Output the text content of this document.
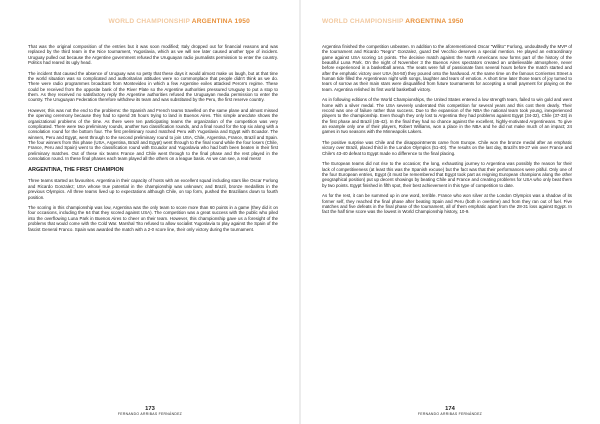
WORLD CHAMPIONSHIP ARGENTINA 1950

That was the original composition of the entries but it was soon modified; Italy dropped out for financial reasons and was replaced by the third team in the Nice tournament, Yugoslavia, which as we will see later caused another type of incident. Uruguay pulled out because the Argentine government refused the Uruguayan radio journalists permission to enter the country. Politics had reared its ugly head.

The incident that caused the absence of Uruguay was so petty that these days it would almost make us laugh, but at that time the world situation was so complicated and authoritarian attitudes were so commonplace that people didn't think as we do. There were radio programmes broadcast from Montevideo in which a few Argentine exiles attacked Peron's regime. These could be received from the opposite bank of the River Plate so the Argentine authorities pressured Uruguay to put a stop to them. As they received no satisfactory reply the Argentine authorities refused the Uruguayan media permission to enter the country. The Uruguayan Federation therefore withdrew its team and was substituted by the Peru, the first reserve country.

However, this was not the end to the problems: the Spanish and French teams travelled on the same plane and almost missed the opening ceremony because they had to spend 36 hours trying to land in Buenos Aires. This simple anecdote shows the organizational problems of the time. As there were ten participating teams the organization of the competition was very complicated. There were two preliminary rounds, another two classification rounds, and a final round for the top six along with a consolation round for the bottom four. The first preliminary round matched Peru with Yugoslavia and Egypt with Ecuador. The winners, Peru and Egypt, went through to the second preliminary round to join USA, Chile, Argentina, France, Brazil and Spain. The four winners from this phase (USA, Argentina, Brazil and Egypt) went through to the final round while the four losers (Chile, France, Peru and Spain) went to the classification round with Ecuador and Yugoslavia who had both been beaten in their first preliminary matches. Out of these six teams France and Chile went through to the final phase and the rest played in the consolation round. In these final phases each team played all the others on a league basis. As we can see, a real mess!

ARGENTINA, THE FIRST CHAMPION

Three teams started as favourites. Argentina in their capacity of hosts with an excellent squad including stars like Oscar Furlong and Ricardo Gonzalez; USA whose true potential in the championship was unknown; and Brazil, bronze medallists in the previous Olympics. All three teams lived up to expectations although Chile, on top form, pushed the Brazilians down to fourth position.

The scoring in this championship was low, Argentina was the only team to score more than 60 points in a game (they did it on four occasions, including the 64 that they scored against USA). The competition was a great success with the public who piled into the overflowing Luna Park in Buenos Aires to cheer on their team. However, this championship gave us a foresight of the problems that would come with the Cold War. Marshal Tito refused to allow socialist Yugoslavia to play against the Spain of the fascist General Franco. Spain was awarded the match with a 2-0 score line, their only victory during the tournament.

173
FERNANDO ARRIBAS FERNÁNDEZ
WORLD CHAMPIONSHIP ARGENTINA 1950

Argentina finished the competition unbeaten. In addition to the aforementioned Oscar "Willito" Furlong, undoubtedly the MVP of the tournament and Ricardo "Negro" Gonzalez, guard Del Vecchio deserves a special mention. He played an extraordinary game against USA scoring 14 points. The decisive match against the North Americans now forms part of the history of the beautiful Luna Park. On the night of November 3 the Buenos Aires spectators created an unbelievable atmosphere, never before experienced in a basketball arena. The seats were full of passionate fans several hours before the match started and after the emphatic victory over USA (64-50) they poured onto the hardwood. At the same time on the famous Corrientes Street a human tide filled the Argentinean night with songs, laughter and tears of emotion. A short time later those tears of joy turned to tears of sorrow as their main stars were disqualified from future tournaments for accepting a small payment for playing on the team. Argentina relished its first world basketball victory.

As in following editions of the World Championships, the United States entered a low strength team, failed to win gold and went home with a silver medal. The USA severely underrated this competition for several years and this cost them dearly. Their record was one of failure rather than success. Due to the expansion of the NBA the national team took young, inexperienced players to the championship. Even though they only lost to Argentina they had problems against Egypt (34-32), Chile (37-33) in the first phase and Brazil (45-42). In the final they had no chance against the excellent, highly-motivated Argentineans. To give an example only one of their players, Robert Williams, won a place in the NBA and he did not make much of an impact; 24 games in two seasons with the Minneapolis Lakers.

The positive surprise was Chile and the disappointments came from Europe. Chile won the bronze medal after an emphatic victory over Brazil, placed third in the London Olympics (51-40). The results on the last day, Brazil's 59-27 win over France and Chile's 43-40 defeat to Egypt made no difference to the final placing.

The European teams did not rise to the occasion; the long, exhausting journey to Argentina was possibly the reason for their lack of competitiveness (at least this was the Spanish excuse) but the fact was that their performances were pitiful. Only one of the four European entries, Egypt (it must be remembered that Egypt took part as reigning European champions along the other geographical position) put up decent showings by beating Chile and France and creating problems for USA who only beat them by two points. Egypt finished in fifth spot, their best achievement in this type of competition to date.

As for the rest, it can be summed up in one word, terrible. France who won silver at the London Olympics was a shadow of its former self, they reached the final phase after beating Spain and Peru (both in overtime) and from they ran out of fuel. Five matches and five defeats in the final phase of the tournament, all of them emphatic apart from the 28-31 loss against Egypt. In fact the half time score was the lowest in World Championship history, 10-9.

174
FERNANDO ARRIBAS FERNÁNDEZ
